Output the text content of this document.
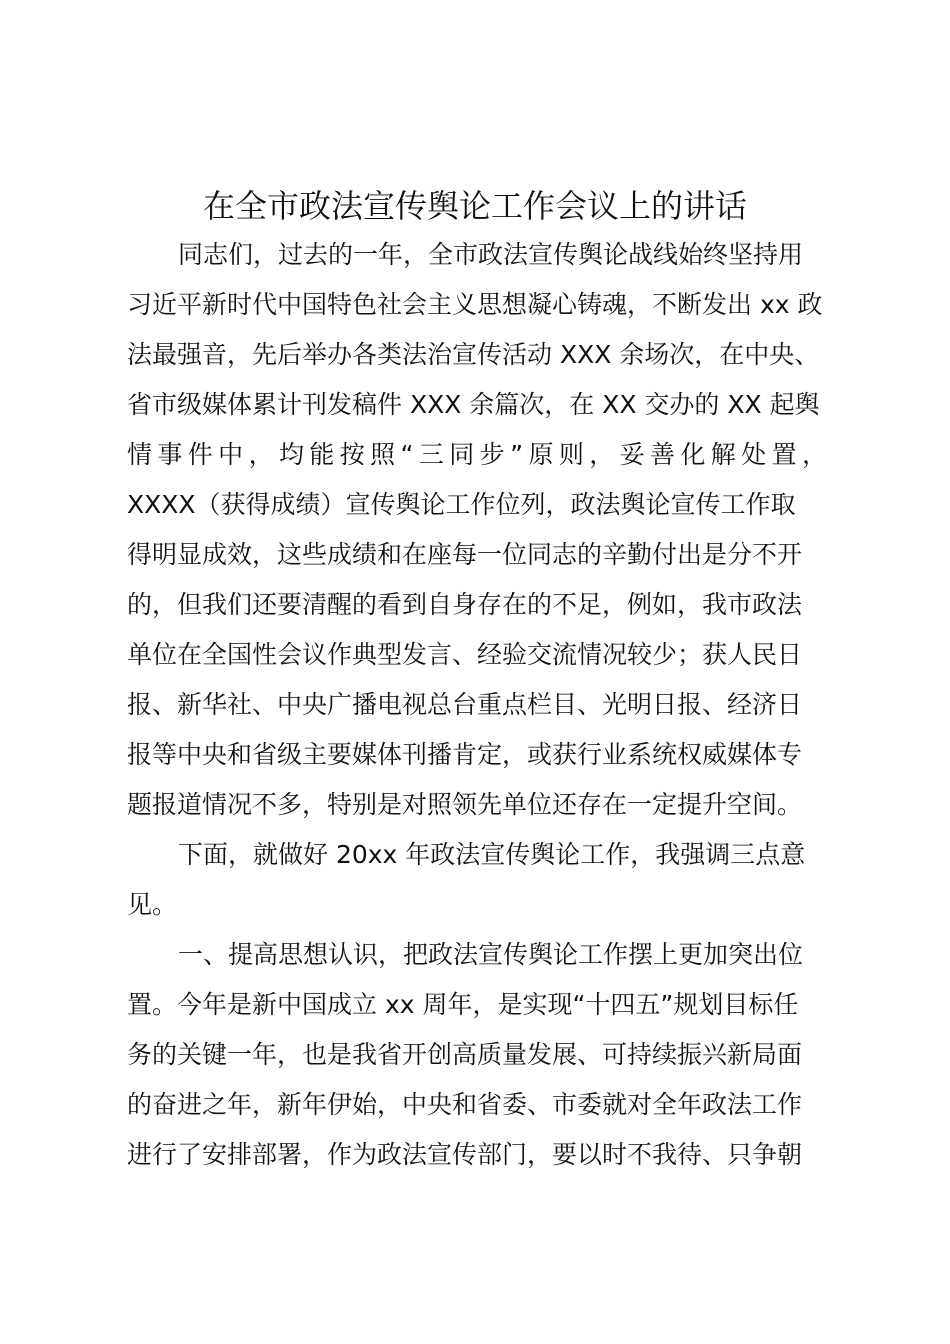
在全市政法宣传舆论工作会议上的讲话

同志们，过去的一年，全市政法宣传舆论战线始终坚持用

习近平新时代中国特色社会主义思想凝心铸魂，不断发出 xx 政

法最强音，先后举办各类法治宣传活动 XXX 余场次，在中央、

省市级媒体累计刊发稿件 XXX 余篇次，在 XX 交办的 XX 起舆

情事件中，均能按照“三同步”原则，妥善化解处置，

XXXX（获得成绩）宣传舆论工作位列，政法舆论宣传工作取

得明显成效，这些成绩和在座每一位同志的辛勤付出是分不开

的，但我们还要清醒的看到自身存在的不足，例如，我市政法

单位在全国性会议作典型发言、经验交流情况较少；获人民日

报、新华社、中央广播电视总台重点栏目、光明日报、经济日

报等中央和省级主要媒体刊播肯定，或获行业系统权威媒体专

题报道情况不多，特别是对照领先单位还存在一定提升空间。

下面，就做好 20xx 年政法宣传舆论工作，我强调三点意

见。

一、提高思想认识，把政法宣传舆论工作摆上更加突出位

置。今年是新中国成立 xx 周年，是实现“十四五”规划目标任

务的关键一年，也是我省开创高质量发展、可持续振兴新局面

的奋进之年，新年伊始，中央和省委、市委就对全年政法工作

进行了安排部署，作为政法宣传部门，要以时不我待、只争朝
